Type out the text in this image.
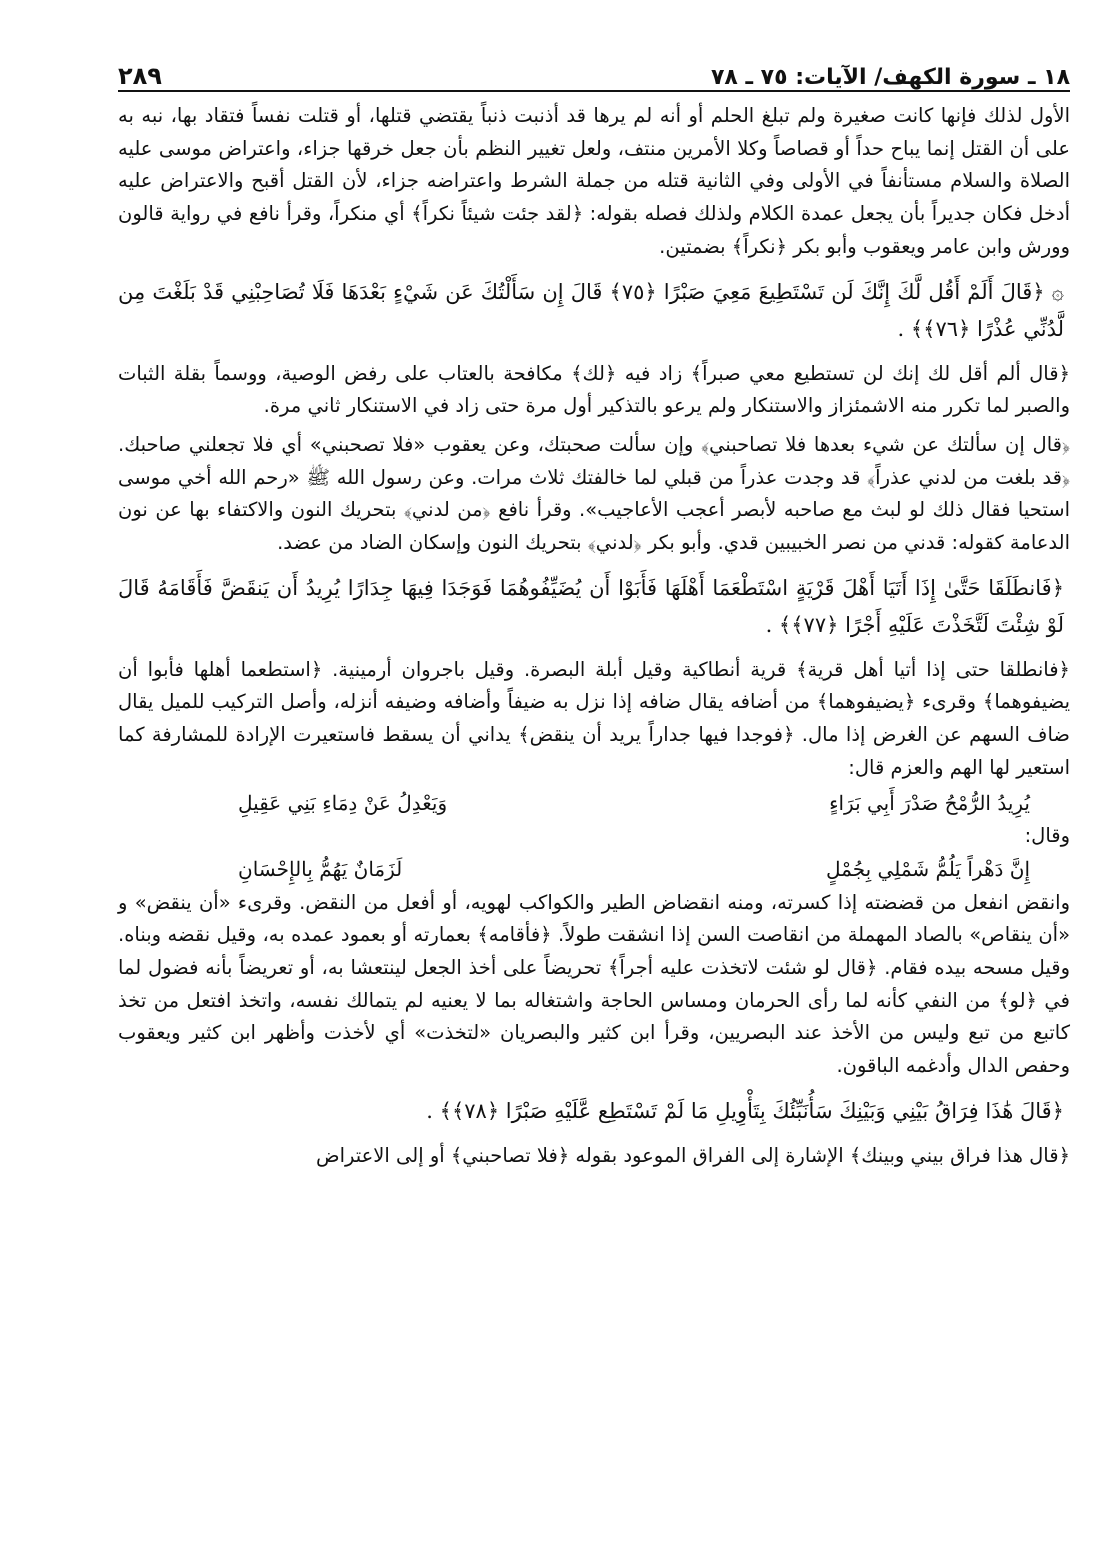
١٨ ـ سورة الكهف/ الآيات: ٧٥ ـ ٧٨
٢٨٩

الأول لذلك فإنها كانت صغيرة ولم تبلغ الحلم أو أنه لم يرها قد أذنبت ذنباً يقتضي قتلها، أو قتلت نفساً فتقاد بها، نبه به على أن القتل إنما يباح حداً أو قصاصاً وكلا الأمرين منتف، ولعل تغيير النظم بأن جعل خرقها جزاء، واعتراض موسى عليه الصلاة والسلام مستأنفاً في الأولى وفي الثانية قتله من جملة الشرط واعتراضه جزاء، لأن القتل أقبح والاعتراض عليه أدخل فكان جديراً بأن يجعل عمدة الكلام ولذلك فصله بقوله: ﴿لقد جئت شيئاً نكراً﴾ أي منكراً، وقرأ نافع في رواية قالون وورش وابن عامر ويعقوب وأبو بكر ﴿نكراً﴾ بضمتين.

۞ ﴿قَالَ أَلَمْ أَقُل لَّكَ إِنَّكَ لَن تَسْتَطِيعَ مَعِيَ صَبْرًا ﴿٧٥﴾ قَالَ إِن سَأَلْتُكَ عَن شَيْءٍ بَعْدَهَا فَلَا تُصَاحِبْنِي قَدْ بَلَغْتَ مِن لَّدُنِّي عُذْرًا ﴿٧٦﴾﴾ .

﴿قال ألم أقل لك إنك لن تستطيع معي صبراً﴾ زاد فيه ﴿لك﴾ مكافحة بالعتاب على رفض الوصية، ووسماً بقلة الثبات والصبر لما تكرر منه الاشمئزاز والاستنكار ولم يرعو بالتذكير أول مرة حتى زاد في الاستنكار ثاني مرة.

﴿قال إن سألتك عن شيء بعدها فلا تصاحبني﴾ وإن سألت صحبتك، وعن يعقوب «فلا تصحبني» أي فلا تجعلني صاحبك. ﴿قد بلغت من لدني عذراً﴾ قد وجدت عذراً من قبلي لما خالفتك ثلاث مرات. وعن رسول الله ﷺ «رحم الله أخي موسى استحيا فقال ذلك لو لبث مع صاحبه لأبصر أعجب الأعاجيب». وقرأ نافع ﴿من لدني﴾ بتحريك النون والاكتفاء بها عن نون الدعامة كقوله: قدني من نصر الخبيبين قدي. وأبو بكر ﴿لدني﴾ بتحريك النون وإسكان الضاد من عضد.

﴿فَانطَلَقَا حَتَّىٰ إِذَا أَتَيَا أَهْلَ قَرْيَةٍ اسْتَطْعَمَا أَهْلَهَا فَأَبَوْا أَن يُضَيِّفُوهُمَا فَوَجَدَا فِيهَا جِدَارًا يُرِيدُ أَن يَنقَضَّ فَأَقَامَهُ قَالَ لَوْ شِئْتَ لَتَّخَذْتَ عَلَيْهِ أَجْرًا ﴿٧٧﴾﴾ .

﴿فانطلقا حتى إذا أتيا أهل قرية﴾ قرية أنطاكية وقيل أبلة البصرة. وقيل باجروان أرمينية. ﴿استطعما أهلها فأبوا أن يضيفوهما﴾ وقرىء ﴿يضيفوهما﴾ من أضافه يقال ضافه إذا نزل به ضيفاً وأضافه وضيفه أنزله، وأصل التركيب للميل يقال ضاف السهم عن الغرض إذا مال. ﴿فوجدا فيها جداراً يريد أن ينقض﴾ يداني أن يسقط فاستعيرت الإرادة للمشارفة كما استعير لها الهم والعزم قال:

يُرِيدُ الرُّمْحُ صَدْرَ أَبِي بَرَاءٍ
وَيَعْدِلُ عَنْ دِمَاءِ بَنِي عَقِيلِ

وقال:

إِنَّ دَهْراً يَلُمُّ شَمْلِي بِجُمْلٍ
لَزَمَانٌ يَهُمُّ بِالإِحْسَانِ

وانقض انفعل من قضضته إذا كسرته، ومنه انقضاض الطير والكواكب لهويه، أو أفعل من النقض. وقرىء «أن ينقض» و «أن ينقاص» بالصاد المهملة من انقاصت السن إذا انشقت طولاً. ﴿فأقامه﴾ بعمارته أو بعمود عمده به، وقيل نقضه وبناه. وقيل مسحه بيده فقام. ﴿قال لو شئت لاتخذت عليه أجراً﴾ تحريضاً على أخذ الجعل لينتعشا به، أو تعريضاً بأنه فضول لما في ﴿لو﴾ من النفي كأنه لما رأى الحرمان ومساس الحاجة واشتغاله بما لا يعنيه لم يتمالك نفسه، واتخذ افتعل من تخذ كاتبع من تبع وليس من الأخذ عند البصريين، وقرأ ابن كثير والبصريان «لتخذت» أي لأخذت وأظهر ابن كثير ويعقوب وحفص الدال وأدغمه الباقون.

﴿قَالَ هَٰذَا فِرَاقُ بَيْنِي وَبَيْنِكَ سَأُنَبِّئُكَ بِتَأْوِيلِ مَا لَمْ تَسْتَطِع عَّلَيْهِ صَبْرًا ﴿٧٨﴾﴾ .

﴿قال هذا فراق بيني وبينك﴾ الإشارة إلى الفراق الموعود بقوله ﴿فلا تصاحبني﴾ أو إلى الاعتراض
